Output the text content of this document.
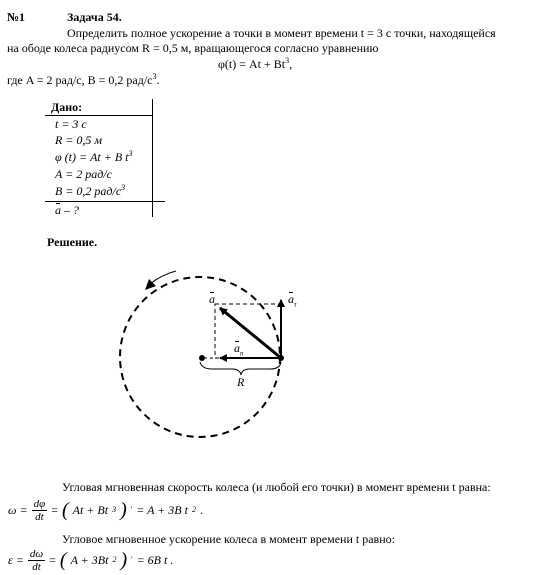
№1	Задача 54.
Определить полное ускорение a точки в момент времени t = 3 с точки, находящейся
на ободе колеса радиусом R = 0,5 м, вращающегося согласно уравнению
$\varphi(t) = At + Bt^3$,
где A = 2 рад/с, B = 0,2 рад/$с^3$.
Дано:
t = 3 с
R = 0,5 м
φ (t) = At + B $t^3$
A = 2 рад/с
B = 0,2 рад/$с^3$
a – ?
Решение.
a	$a_\tau$
$a_n$
R
Угловая мгновенная скорость колеса (и любой его точки) в момент времени t равна:
$\omega = \frac{d\varphi}{dt}$ = ( At + Bt 3 ) ' = A + 3B t 2 .
Угловое мгновенное ускорение колеса в момент времени t равно:
$\varepsilon = \frac{d\omega}{dt}$ = ( A + 3Bt 2 ) ' = 6B t .
